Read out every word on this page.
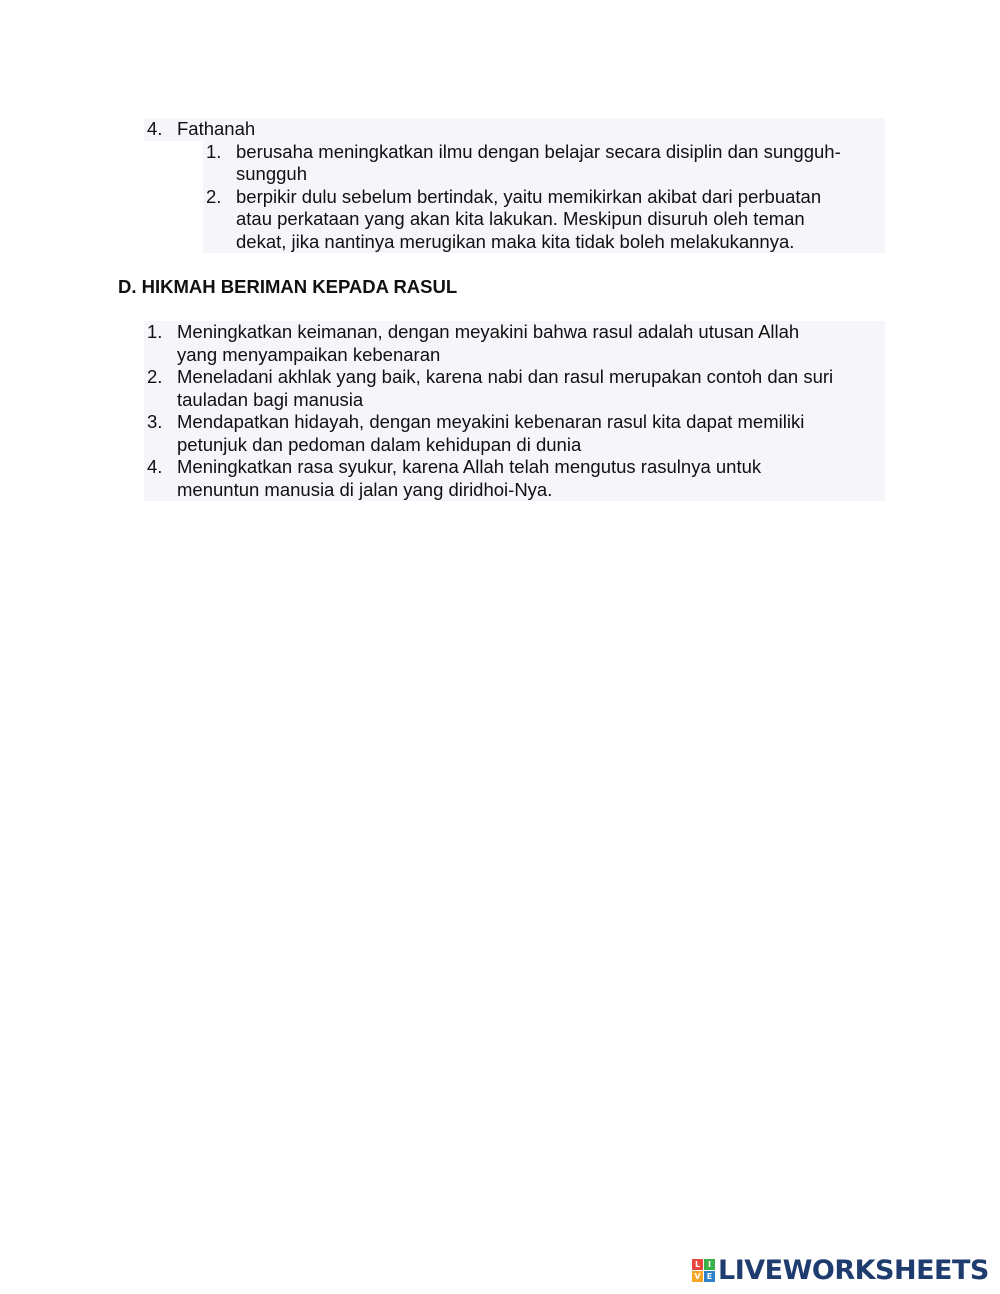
4. Fathanah
1. berusaha meningkatkan ilmu dengan belajar secara disiplin dan sungguh-
sungguh
2. berpikir dulu sebelum bertindak, yaitu memikirkan akibat dari perbuatan
atau perkataan yang akan kita lakukan. Meskipun disuruh oleh teman
dekat, jika nantinya merugikan maka kita tidak boleh melakukannya.
D. HIKMAH BERIMAN KEPADA RASUL
1. Meningkatkan keimanan, dengan meyakini bahwa rasul adalah utusan Allah
yang menyampaikan kebenaran
2. Meneladani akhlak yang baik, karena nabi dan rasul merupakan contoh dan suri
tauladan bagi manusia
3. Mendapatkan hidayah, dengan meyakini kebenaran rasul kita dapat memiliki
petunjuk dan pedoman dalam kehidupan di dunia
4. Meningkatkan rasa syukur, karena Allah telah mengutus rasulnya untuk
menuntun manusia di jalan yang diridhoi-Nya.
L I
V E LIVEWORKSHEETS
